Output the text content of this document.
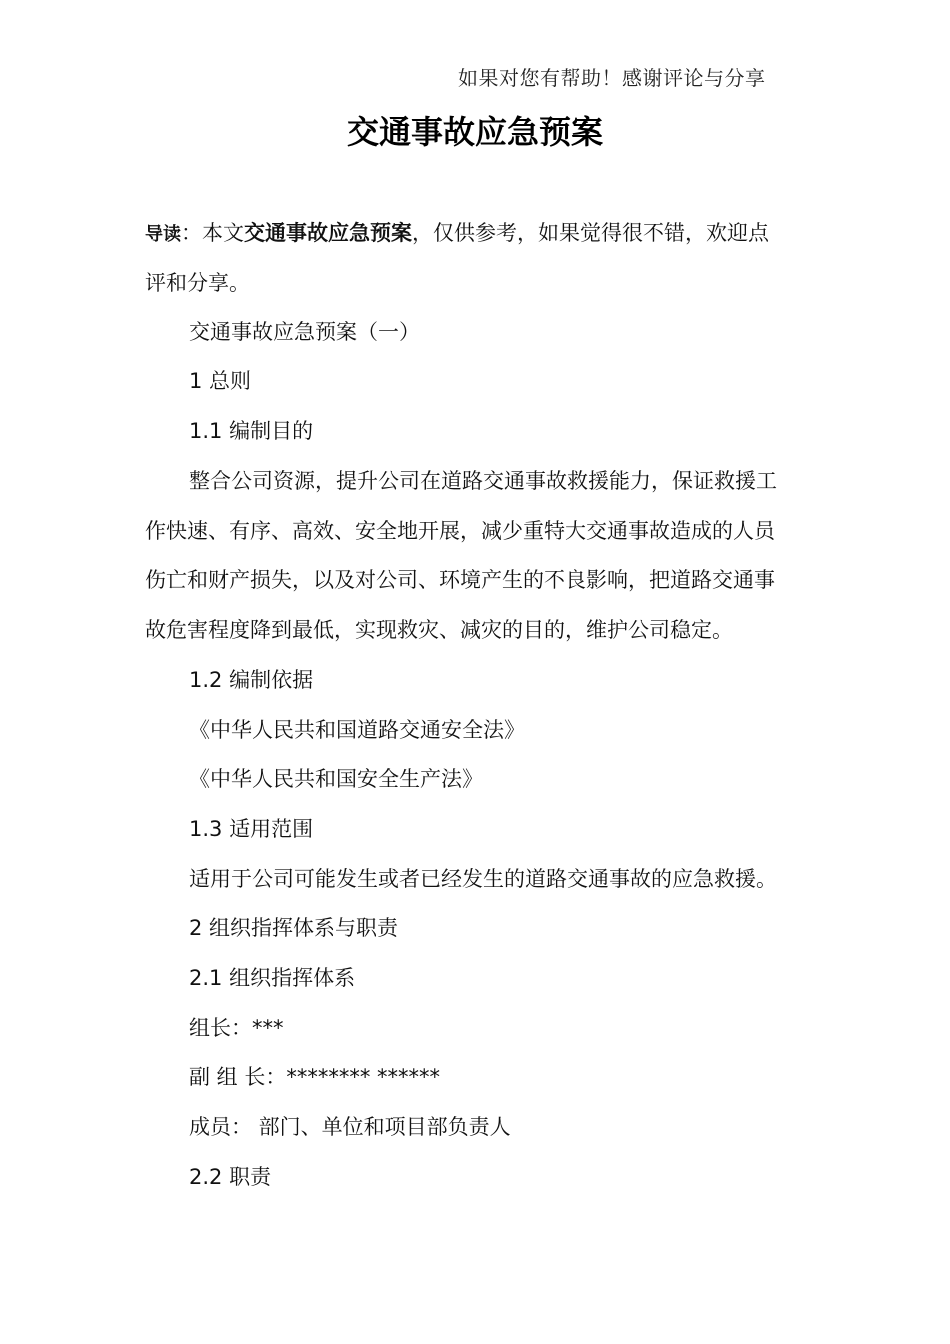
如果对您有帮助！感谢评论与分享
交通事故应急预案
导读：本文交通事故应急预案，仅供参考，如果觉得很不错，欢迎点
评和分享。
交通事故应急预案（一）
1 总则
1.1 编制目的
整合公司资源，提升公司在道路交通事故救援能力，保证救援工
作快速、有序、高效、安全地开展，减少重特大交通事故造成的人员
伤亡和财产损失，以及对公司、环境产生的不良影响，把道路交通事
故危害程度降到最低，实现救灾、减灾的目的，维护公司稳定。
1.2 编制依据
《中华人民共和国道路交通安全法》
《中华人民共和国安全生产法》
1.3 适用范围
适用于公司可能发生或者已经发生的道路交通事故的应急救援。
2 组织指挥体系与职责
2.1 组织指挥体系
组长：***
副 组 长：******** ******
成员： 部门、单位和项目部负责人
2.2 职责
